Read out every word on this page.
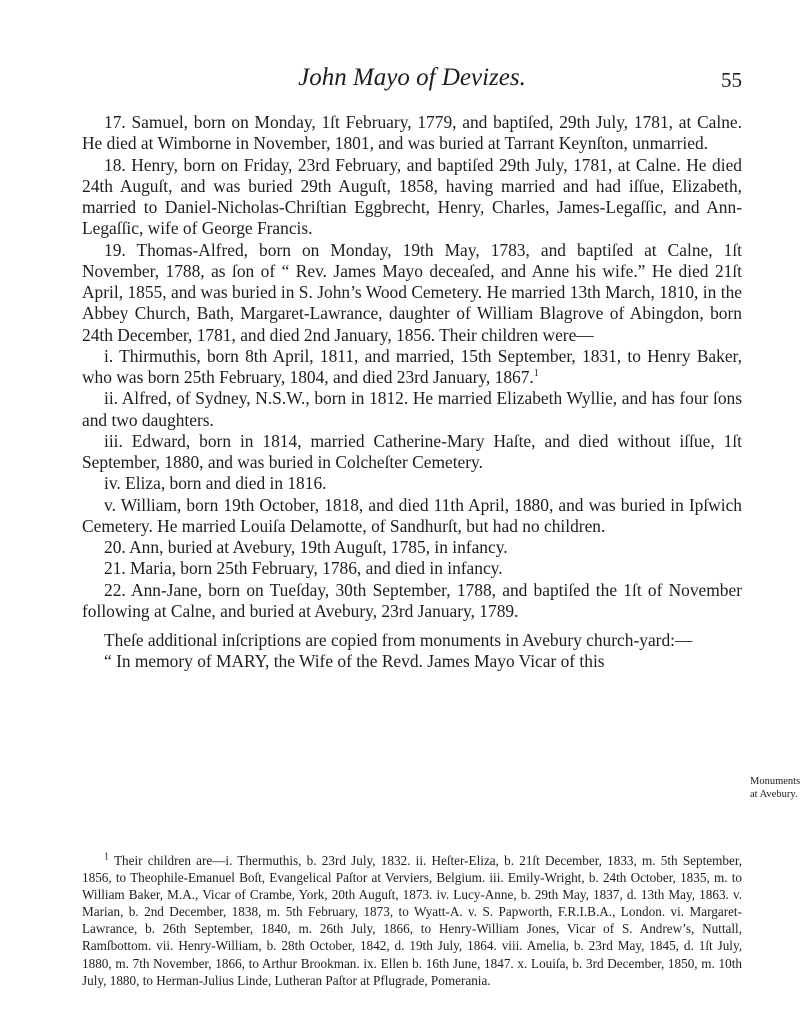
John Mayo of Devizes.	55

17. Samuel, born on Monday, 1ſt February, 1779, and baptiſed, 29th July, 1781, at Calne. He died at Wimborne in November, 1801, and was buried at Tarrant Keynſton, unmarried.

18. Henry, born on Friday, 23rd February, and baptiſed 29th July, 1781, at Calne. He died 24th Auguſt, and was buried 29th Auguſt, 1858, having married and had iſſue, Elizabeth, married to Daniel-Nicholas-Chriſtian Eggbrecht, Henry, Charles, James-Legaſſic, and Ann-Legaſſic, wife of George Francis.

19. Thomas-Alfred, born on Monday, 19th May, 1783, and baptiſed at Calne, 1ſt November, 1788, as ſon of “ Rev. James Mayo deceaſed, and Anne his wife.” He died 21ſt April, 1855, and was buried in S. John’s Wood Cemetery. He married 13th March, 1810, in the Abbey Church, Bath, Margaret-Lawrance, daughter of William Blagrove of Abingdon, born 24th December, 1781, and died 2nd January, 1856. Their children were—

i. Thirmuthis, born 8th April, 1811, and married, 15th September, 1831, to Henry Baker, who was born 25th February, 1804, and died 23rd January, 1867.$^1$

ii. Alfred, of Sydney, N.S.W., born in 1812. He married Elizabeth Wyllie, and has four ſons and two daughters.

iii. Edward, born in 1814, married Catherine-Mary Haſte, and died without iſſue, 1ſt September, 1880, and was buried in Colcheſter Cemetery.

iv. Eliza, born and died in 1816.

v. William, born 19th October, 1818, and died 11th April, 1880, and was buried in Ipſwich Cemetery. He married Louiſa Delamotte, of Sandhurſt, but had no children.

20. Ann, buried at Avebury, 19th Auguſt, 1785, in infancy.

21. Maria, born 25th February, 1786, and died in infancy.

22. Ann-Jane, born on Tueſday, 30th September, 1788, and baptiſed the 1ſt of November following at Calne, and buried at Avebury, 23rd January, 1789.

Theſe additional inſcriptions are copied from monuments in Avebury church-yard:—

“ In memory of MARY, the Wife of the Revd. James Mayo Vicar of this

Monuments at Avebury.

$^1$ Their children are—i. Thermuthis, b. 23rd July, 1832. ii. Heſter-Eliza, b. 21ſt December, 1833, m. 5th September, 1856, to Theophile-Emanuel Boſt, Evangelical Paſtor at Verviers, Belgium. iii. Emily-Wright, b. 24th October, 1835, m. to William Baker, M.A., Vicar of Crambe, York, 20th Auguſt, 1873. iv. Lucy-Anne, b. 29th May, 1837, d. 13th May, 1863. v. Marian, b. 2nd December, 1838, m. 5th February, 1873, to Wyatt-A. v. S. Papworth, F.R.I.B.A., London. vi. Margaret-Lawrance, b. 26th September, 1840, m. 26th July, 1866, to Henry-William Jones, Vicar of S. Andrew’s, Nuttall, Ramſbottom. vii. Henry-William, b. 28th October, 1842, d. 19th July, 1864. viii. Amelia, b. 23rd May, 1845, d. 1ſt July, 1880, m. 7th November, 1866, to Arthur Brookman. ix. Ellen b. 16th June, 1847. x. Louiſa, b. 3rd December, 1850, m. 10th July, 1880, to Herman-Julius Linde, Lutheran Paſtor at Pflugrade, Pomerania.
